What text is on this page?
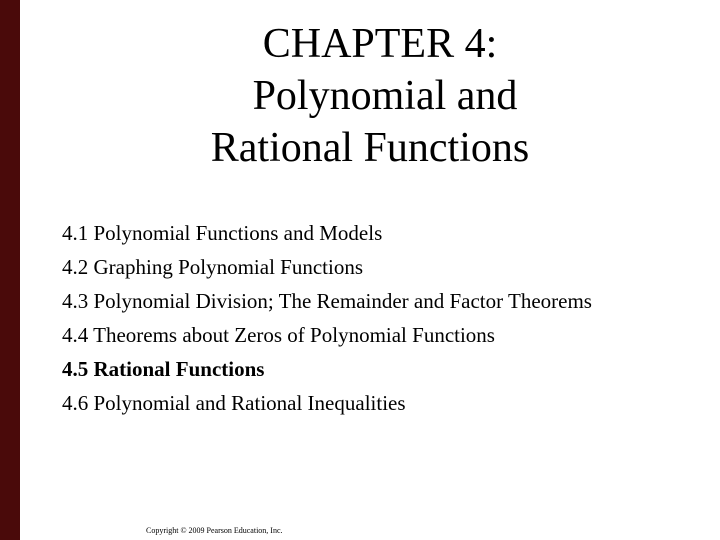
CHAPTER 4:
Polynomial and
Rational Functions
4.1 Polynomial Functions and Models
4.2 Graphing Polynomial Functions
4.3 Polynomial Division; The Remainder and Factor Theorems
4.4 Theorems about Zeros of Polynomial Functions
4.5 Rational Functions
4.6 Polynomial and Rational Inequalities
Copyright © 2009 Pearson Education, Inc.
